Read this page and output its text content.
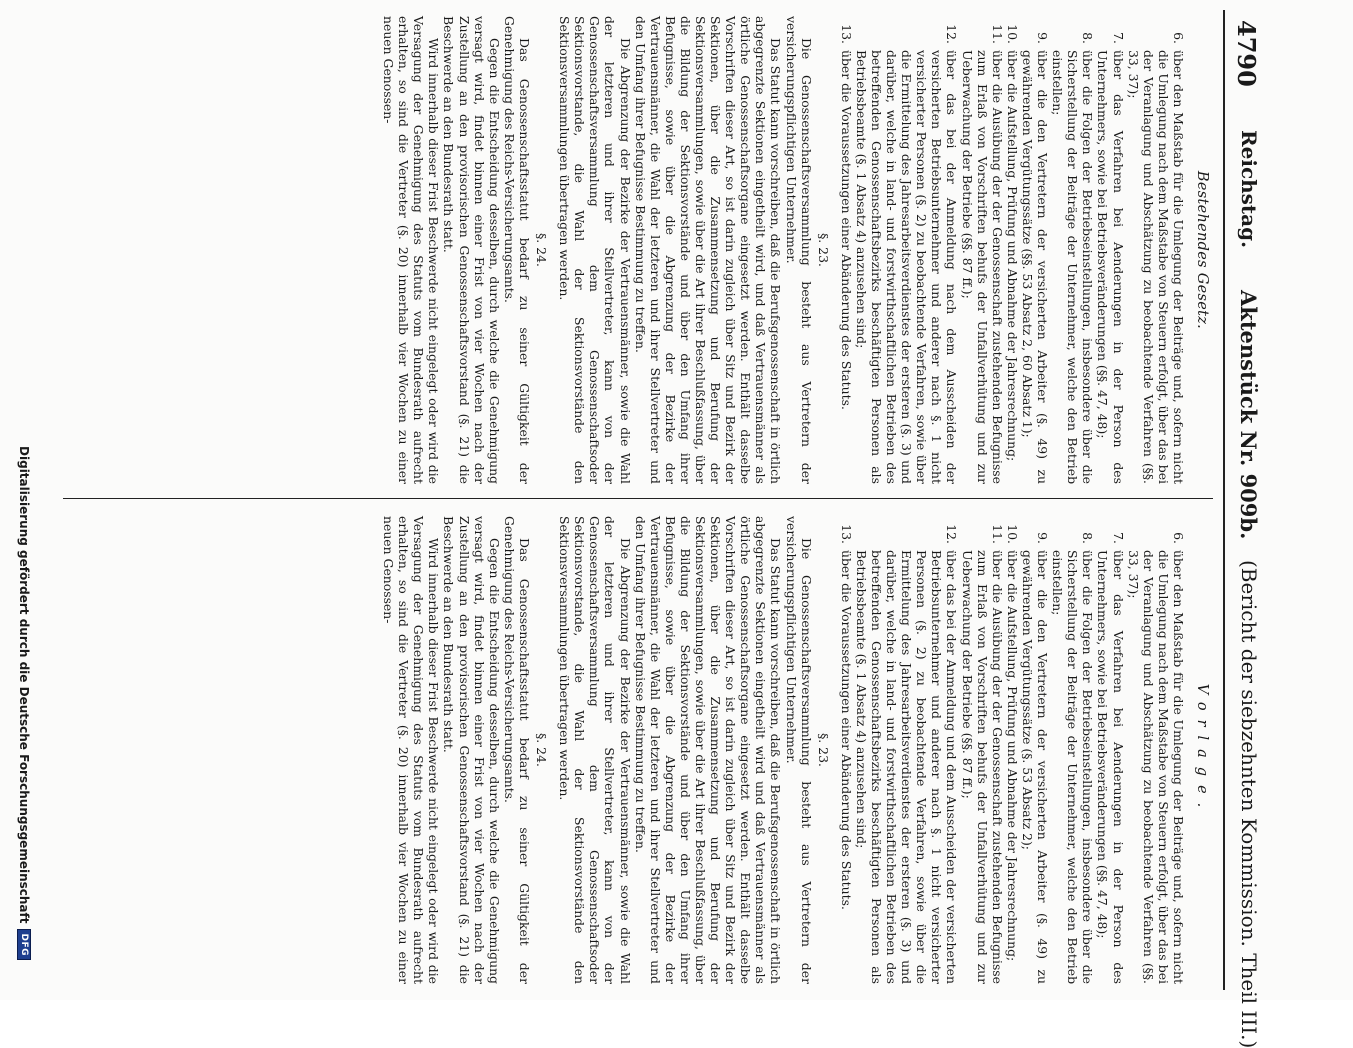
4790
Reichstag.
Aktenstück Nr. 909b.
(Bericht der siebzehnten Kommission. Theil III.)
Bestehendes Gesetz.

6.
über den Maßstab für die Umlegung der Beiträge und, sofern nicht die Umlegung nach dem Maßstabe von Steuern erfolgt, über das bei der Veranlagung und Abschätzung zu beobachtende Verfahren (§§. 33, 37);

7.
über das Verfahren bei Aenderungen in der Person des Unternehmers, sowie bei Betriebsveränderungen (§§. 47, 48);

8.
über die Folgen der Betriebseinstellungen, insbesondere über die Sicherstellung der Beiträge der Unternehmer, welche den Betrieb einstellen;

9.
über die den Vertretern der versicherten Arbeiter (§. 49) zu gewährenden Vergütungssätze (§§. 53 Absatz 2, 60 Absatz 1);

10.
über die Aufstellung, Prüfung und Abnahme der Jahresrechnung;

11.
über die Ausübung der der Genossenschaft zustehenden Befugnisse zum Erlaß von Vorschriften behufs der Unfallverhütung und zur Ueberwachung der Betriebe (§§. 87 ff.);

12.
über das bei der Anmeldung nach dem Ausscheiden der versicherten Betriebsunternehmer und anderer nach §. 1 nicht versicherter Personen (§. 2) zu beobachtende Verfahren, sowie über die Ermittelung des Jahresarbeitsverdienstes der ersteren (§. 3) und darüber, welche in land- und forstwirthschaftlichen Betrieben des betreffenden Genossenschaftsbezirks beschäftigten Personen als Betriebsbeamte (§. 1 Absatz 4) anzusehen sind;

13.
über die Voraussetzungen einer Abänderung des Statuts.

§. 23.

Die Genossenschaftsversammlung besteht aus Vertretern der versicherungspflichtigen Unternehmer.

Das Statut kann vorschreiben, daß die Berufsgenossenschaft in örtlich abgegrenzte Sektionen eingetheilt wird, und daß Vertrauensmänner als örtliche Genossenschaftsorgane eingesetzt werden. Enthält dasselbe Vorschriften dieser Art, so ist darin zugleich über Sitz und Bezirk der Sektionen, über die Zusammensetzung und Berufung der Sektionsversammlungen, sowie über die Art ihrer Beschlußfassung, über die Bildung der Sektionsvorstände und über den Umfang ihrer Befugnisse, sowie über die Abgrenzung der Bezirke der Vertrauensmänner, die Wahl der letzteren und ihrer Stellvertreter und den Umfang ihrer Befugnisse Bestimmung zu treffen.

Die Abgrenzung der Bezirke der Vertrauensmänner, sowie die Wahl der letzteren und ihrer Stellvertreter, kann von der Genossenschaftsversammlung dem Genossenschaftsoder Sektionsvorstande, die Wahl der Sektionsvorstände den Sektionsversammlungen übertragen werden.

§. 24.

Das Genossenschaftsstatut bedarf zu seiner Gültigkeit der Genehmigung des Reichs-Versicherungsamts.

Gegen die Entscheidung desselben, durch welche die Genehmigung versagt wird, findet binnen einer Frist von vier Wochen nach der Zustellung an den provisorischen Genossenschaftsvorstand (§. 21) die Beschwerde an den Bundesrath statt.

Wird innerhalb dieser Frist Beschwerde nicht eingelegt oder wird die Versagung der Genehmigung des Statuts vom Bundesrath aufrecht erhalten, so sind die Vertreter (§. 20) innerhalb vier Wochen zu einer neuen Genossen-

Vorlage.

6.
über den Maßstab für die Umlegung der Beiträge und, sofern nicht die Umlegung nach dem Maßstabe von Steuern erfolgt, über das bei der Veranlagung und Abschätzung zu beobachtende Verfahren (§§. 33, 37);

7.
über das Verfahren bei Aenderungen in der Person des Unternehmers, sowie bei Betriebsveränderungen (§§. 47, 48);

8.
über die Folgen der Betriebseinstellungen, insbesondere über die Sicherstellung der Beiträge der Unternehmer, welche den Betrieb einstellen;

9.
über die den Vertretern der versicherten Arbeiter (§. 49) zu gewährenden Vergütungssätze (§. 53 Absatz 2);

10.
über die Aufstellung, Prüfung und Abnahme der Jahresrechnung;

11.
über die Ausübung der der Genossenschaft zustehenden Befugnisse zum Erlaß von Vorschriften behufs der Unfallverhütung und zur Ueberwachung der Betriebe (§§. 87 ff.);

12.
über das bei der Anmeldung und dem Ausscheiden der versicherten Betriebsunternehmer und anderer nach §. 1 nicht versicherter Personen (§. 2) zu beobachtende Verfahren, sowie über die Ermittelung des Jahresarbeitsverdienstes der ersteren (§. 3) und darüber, welche in land- und forstwirthschaftlichen Betrieben des betreffenden Genossenschaftsbezirks beschäftigten Personen als Betriebsbeamte (§. 1 Absatz 4) anzusehen sind;

13.
über die Voraussetzungen einer Abänderung des Statuts.

§. 23.

Die Genossenschaftsversammlung besteht aus Vertretern der versicherungspflichtigen Unternehmer.

Das Statut kann vorschreiben, daß die Berufsgenossenschaft in örtlich abgegrenzte Sektionen eingetheilt wird und daß Vertrauensmänner als örtliche Genossenschaftsorgane eingesetzt werden. Enthält dasselbe Vorschriften dieser Art, so ist darin zugleich über Sitz und Bezirk der Sektionen, über die Zusammensetzung und Berufung der Sektionsversammlungen, sowie über die Art ihrer Beschlußfassung, über die Bildung der Sektionsvorstände und über den Umfang ihrer Befugnisse, sowie über die Abgrenzung der Bezirke der Vertrauensmänner, die Wahl der letzteren und ihrer Stellvertreter und den Umfang ihrer Befugnisse Bestimmung zu treffen.

Die Abgrenzung der Bezirke der Vertrauensmänner, sowie die Wahl der letzteren und ihrer Stellvertreter, kann von der Genossenschaftsversammlung dem Genossenschaftsoder Sektionsvorstande, die Wahl der Sektionsvorstände den Sektionsversammlungen übertragen werden.

§. 24.

Das Genossenschaftsstatut bedarf zu seiner Gültigkeit der Genehmigung des Reichs-Versicherungsamts.

Gegen die Entscheidung desselben, durch welche die Genehmigung versagt wird, findet binnen einer Frist von vier Wochen nach der Zustellung an den provisorischen Genossenschaftsvorstand (§. 21) die Beschwerde an den Bundesrath statt.

Wird innerhalb dieser Frist Beschwerde nicht eingelegt oder wird die Versagung der Genehmigung des Statuts vom Bundesrath aufrecht erhalten, so sind die Vertreter (§. 20) innerhalb vier Wochen zu einer neuen Genossen-

Digitalisierung gefördert durch die Deutsche Forschungsgemeinschaft
DFG
